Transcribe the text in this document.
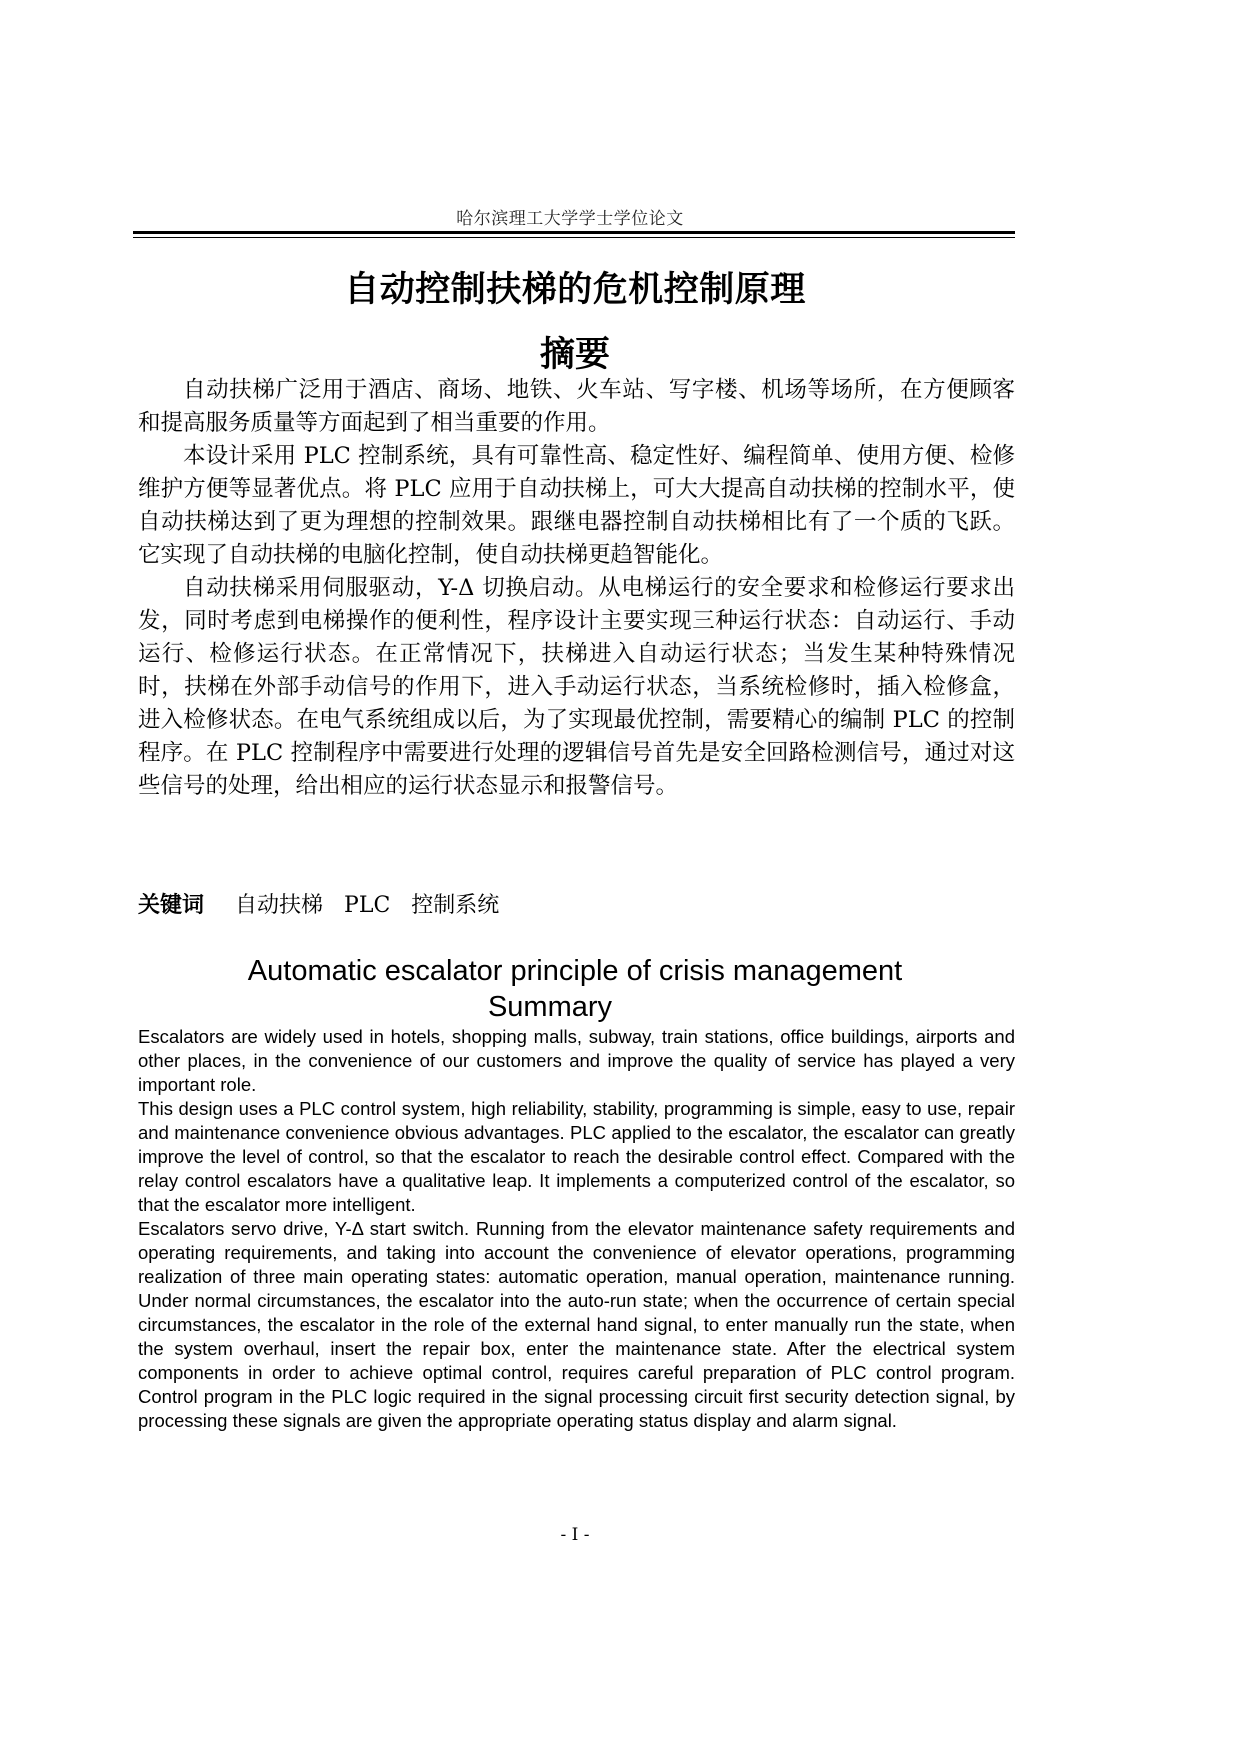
哈尔滨理工大学学士学位论文
自动控制扶梯的危机控制原理
摘要

自动扶梯广泛用于酒店、商场、地铁、火车站、写字楼、机场等场所，在方便顾客和提高服务质量等方面起到了相当重要的作用。

本设计采用 PLC 控制系统，具有可靠性高、稳定性好、编程简单、使用方便、检修维护方便等显著优点。将 PLC 应用于自动扶梯上，可大大提高自动扶梯的控制水平，使自动扶梯达到了更为理想的控制效果。跟继电器控制自动扶梯相比有了一个质的飞跃。它实现了自动扶梯的电脑化控制，使自动扶梯更趋智能化。

自动扶梯采用伺服驱动，Y-Δ 切换启动。从电梯运行的安全要求和检修运行要求出发，同时考虑到电梯操作的便利性，程序设计主要实现三种运行状态：自动运行、手动运行、检修运行状态。在正常情况下，扶梯进入自动运行状态；当发生某种特殊情况时，扶梯在外部手动信号的作用下，进入手动运行状态，当系统检修时，插入检修盒，进入检修状态。在电气系统组成以后，为了实现最优控制，需要精心的编制 PLC 的控制程序。在 PLC 控制程序中需要进行处理的逻辑信号首先是安全回路检测信号，通过对这些信号的处理，给出相应的运行状态显示和报警信号。

关键词 自动扶梯 PLC 控制系统
Automatic escalator principle of crisis management
Summary

Escalators are widely used in hotels, shopping malls, subway, train stations, office buildings, airports and other places, in the convenience of our customers and improve the quality of service has played a very important role.

This design uses a PLC control system, high reliability, stability, programming is simple, easy to use, repair and maintenance convenience obvious advantages. PLC applied to the escalator, the escalator can greatly improve the level of control, so that the escalator to reach the desirable control effect. Compared with the relay control escalators have a qualitative leap. It implements a computerized control of the escalator, so that the escalator more intelligent.

Escalators servo drive, Y-Δ start switch. Running from the elevator maintenance safety requirements and operating requirements, and taking into account the convenience of elevator operations, programming realization of three main operating states: automatic operation, manual operation, maintenance running. Under normal circumstances, the escalator into the auto-run state; when the occurrence of certain special circumstances, the escalator in the role of the external hand signal, to enter manually run the state, when the system overhaul, insert the repair box, enter the maintenance state. After the electrical system components in order to achieve optimal control, requires careful preparation of PLC control program. Control program in the PLC logic required in the signal processing circuit first security detection signal, by processing these signals are given the appropriate operating status display and alarm signal.

- I -
